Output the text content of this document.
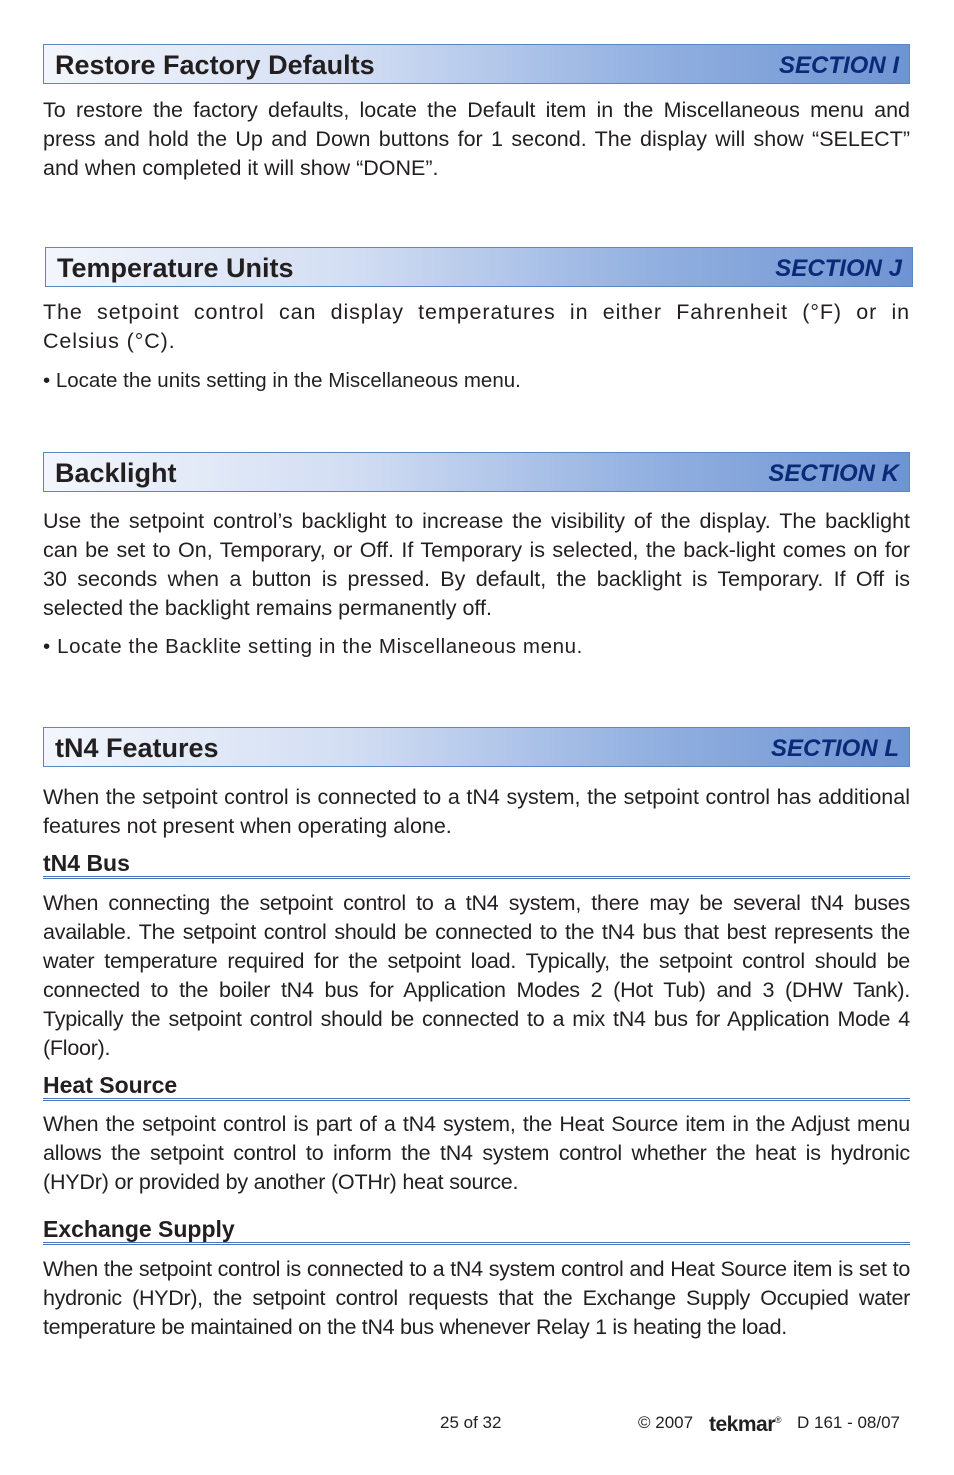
Restore Factory Defaults	SECTION I

To restore the factory defaults, locate the Default item in the Miscellaneous menu and press and hold the Up and Down buttons for 1 second. The display will show “SELECT” and when completed it will show “DONE”.

Temperature Units	SECTION J

The setpoint control can display temperatures in either Fahrenheit (°F) or in Celsius (°C).

• Locate the units setting in the Miscellaneous menu.

Backlight	SECTION K

Use the setpoint control’s backlight to increase the visibility of the display. The backlight can be set to On, Temporary, or Off. If Temporary is selected, the back-light comes on for 30 seconds when a button is pressed. By default, the backlight is Temporary. If Off is selected the backlight remains permanently off.

• Locate the Backlite setting in the Miscellaneous menu.

tN4 Features	SECTION L

When the setpoint control is connected to a tN4 system, the setpoint control has additional features not present when operating alone.

tN4 Bus

When connecting the setpoint control to a tN4 system, there may be several tN4 buses available. The setpoint control should be connected to the tN4 bus that best represents the water temperature required for the setpoint load. Typically, the setpoint control should be connected to the boiler tN4 bus for Application Modes 2 (Hot Tub) and 3 (DHW Tank). Typically the setpoint control should be connected to a mix tN4 bus for Application Mode 4 (Floor).

Heat Source

When the setpoint control is part of a tN4 system, the Heat Source item in the Adjust menu allows the setpoint control to inform the tN4 system control whether the heat is hydronic (HYDr) or provided by another (OTHr) heat source.

Exchange Supply

When the setpoint control is connected to a tN4 system control and Heat Source item is set to hydronic (HYDr), the setpoint control requests that the Exchange Supply Occupied water temperature be maintained on the tN4 bus whenever Relay 1 is heating the load.

25 of 32	© 2007 tekmar® D 161 - 08/07
